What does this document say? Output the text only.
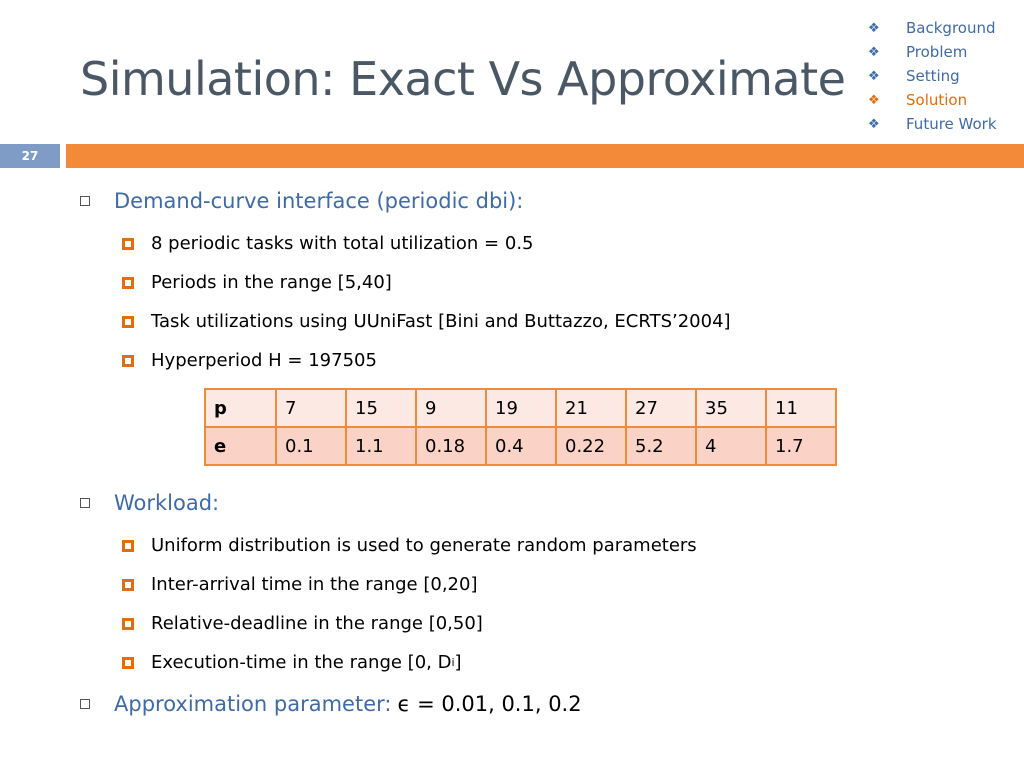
Simulation: Exact Vs Approximate
❖	Background
❖	Problem
❖	Setting
❖	Solution
❖	Future Work
27
Demand-curve interface (periodic dbi):
8 periodic tasks with total utilization = 0.5
Periods in the range [5,40]
Task utilizations using UUniFast [Bini and Buttazzo, ECRTS’2004]
Hyperperiod H = 197505
p	7	15	9	19	21	27	35	11
e	0.1	1.1	0.18	0.4	0.22	5.2	4	1.7
Workload:
Uniform distribution is used to generate random parameters
Inter-arrival time in the range [0,20]
Relative-deadline in the range [0,50]
Execution-time in the range [0, D i ]
Approximation parameter: ϵ = 0.01, 0.1, 0.2
